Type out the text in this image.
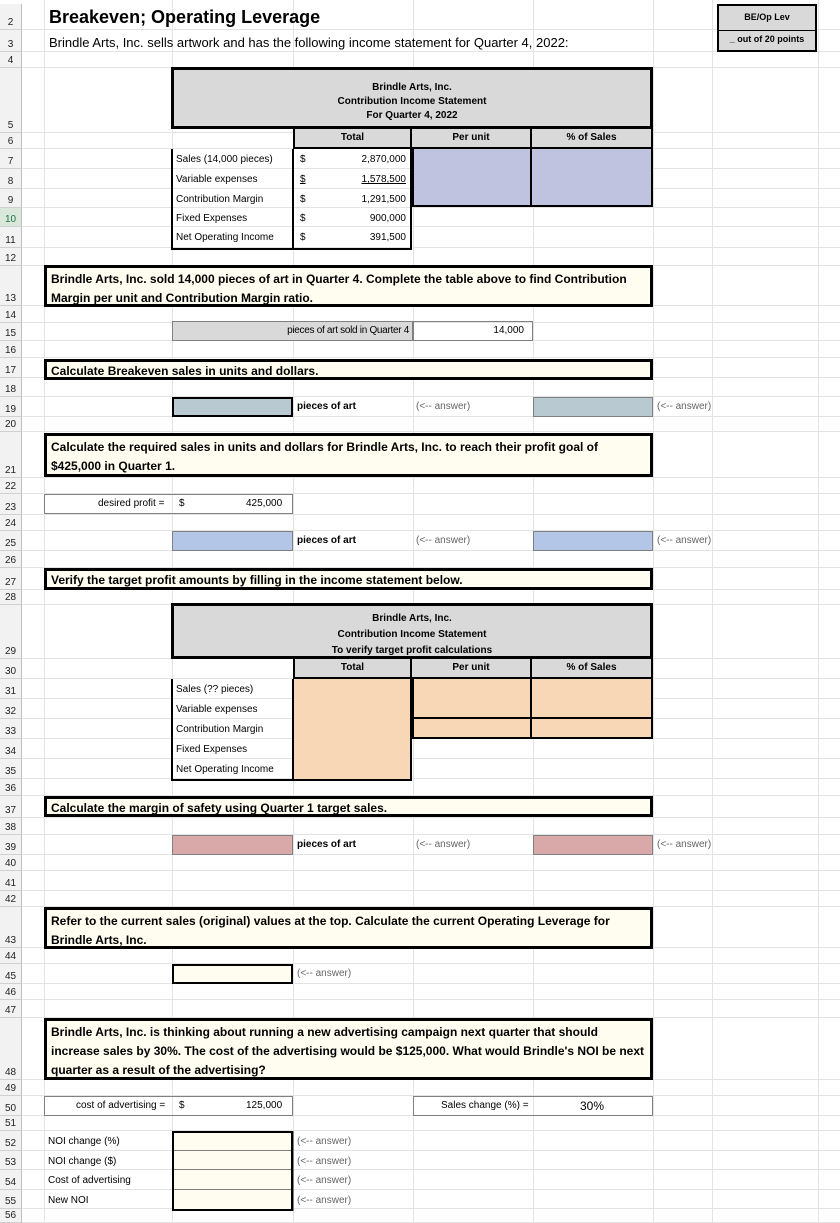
2
3
4
5
6
7
8
9
10
11
12
13
14
15
16
17
18
19
20
21
22
23
24
25
26
27
28
29
30
31
32
33
34
35
36
37
38
39
40
41
42
43
44
45
46
47
48
49
50
51
52
53
54
55
56
Breakeven; Operating Leverage
Brindle Arts, Inc. sells artwork and has the following income statement for Quarter 4, 2022:
BE/Op Lev
_ out of 20 points
Brindle Arts, Inc.
Contribution Income Statement
For Quarter 4, 2022
Total	Per unit	% of Sales
Sales (14,000 pieces)	$	2,870,000
Variable expenses	$	1,578,500
Contribution Margin	$	1,291,500
Fixed Expenses	$	900,000
Net Operating Income	$	391,500
Brindle Arts, Inc. sold 14,000 pieces of art in Quarter 4. Complete the table above to find Contribution Margin per unit and Contribution Margin ratio.
pieces of art sold in Quarter 4	14,000
Calculate Breakeven sales in units and dollars.
pieces of art	(<-- answer)	(<-- answer)
Calculate the required sales in units and dollars for Brindle Arts, Inc. to reach their profit goal of $425,000 in Quarter 1.
desired profit = $	425,000
pieces of art	(<-- answer)	(<-- answer)
Verify the target profit amounts by filling in the income statement below.
Brindle Arts, Inc.
Contribution Income Statement
To verify target profit calculations
Total	Per unit	% of Sales
Sales (?? pieces)
Variable expenses
Contribution Margin
Fixed Expenses
Net Operating Income
Calculate the margin of safety using Quarter 1 target sales.
pieces of art	(<-- answer)	(<-- answer)
Refer to the current sales (original) values at the top. Calculate the current Operating Leverage for Brindle Arts, Inc.
(<-- answer)
Brindle Arts, Inc. is thinking about running a new advertising campaign next quarter that should increase sales by 30%. The cost of the advertising would be $125,000. What would Brindle's NOI be next quarter as a result of the advertising?
cost of advertising = $	125,000	Sales change (%) =	30%
NOI change (%)	(<-- answer)
NOI change ($)	(<-- answer)
Cost of advertising	(<-- answer)
New NOI	(<-- answer)
